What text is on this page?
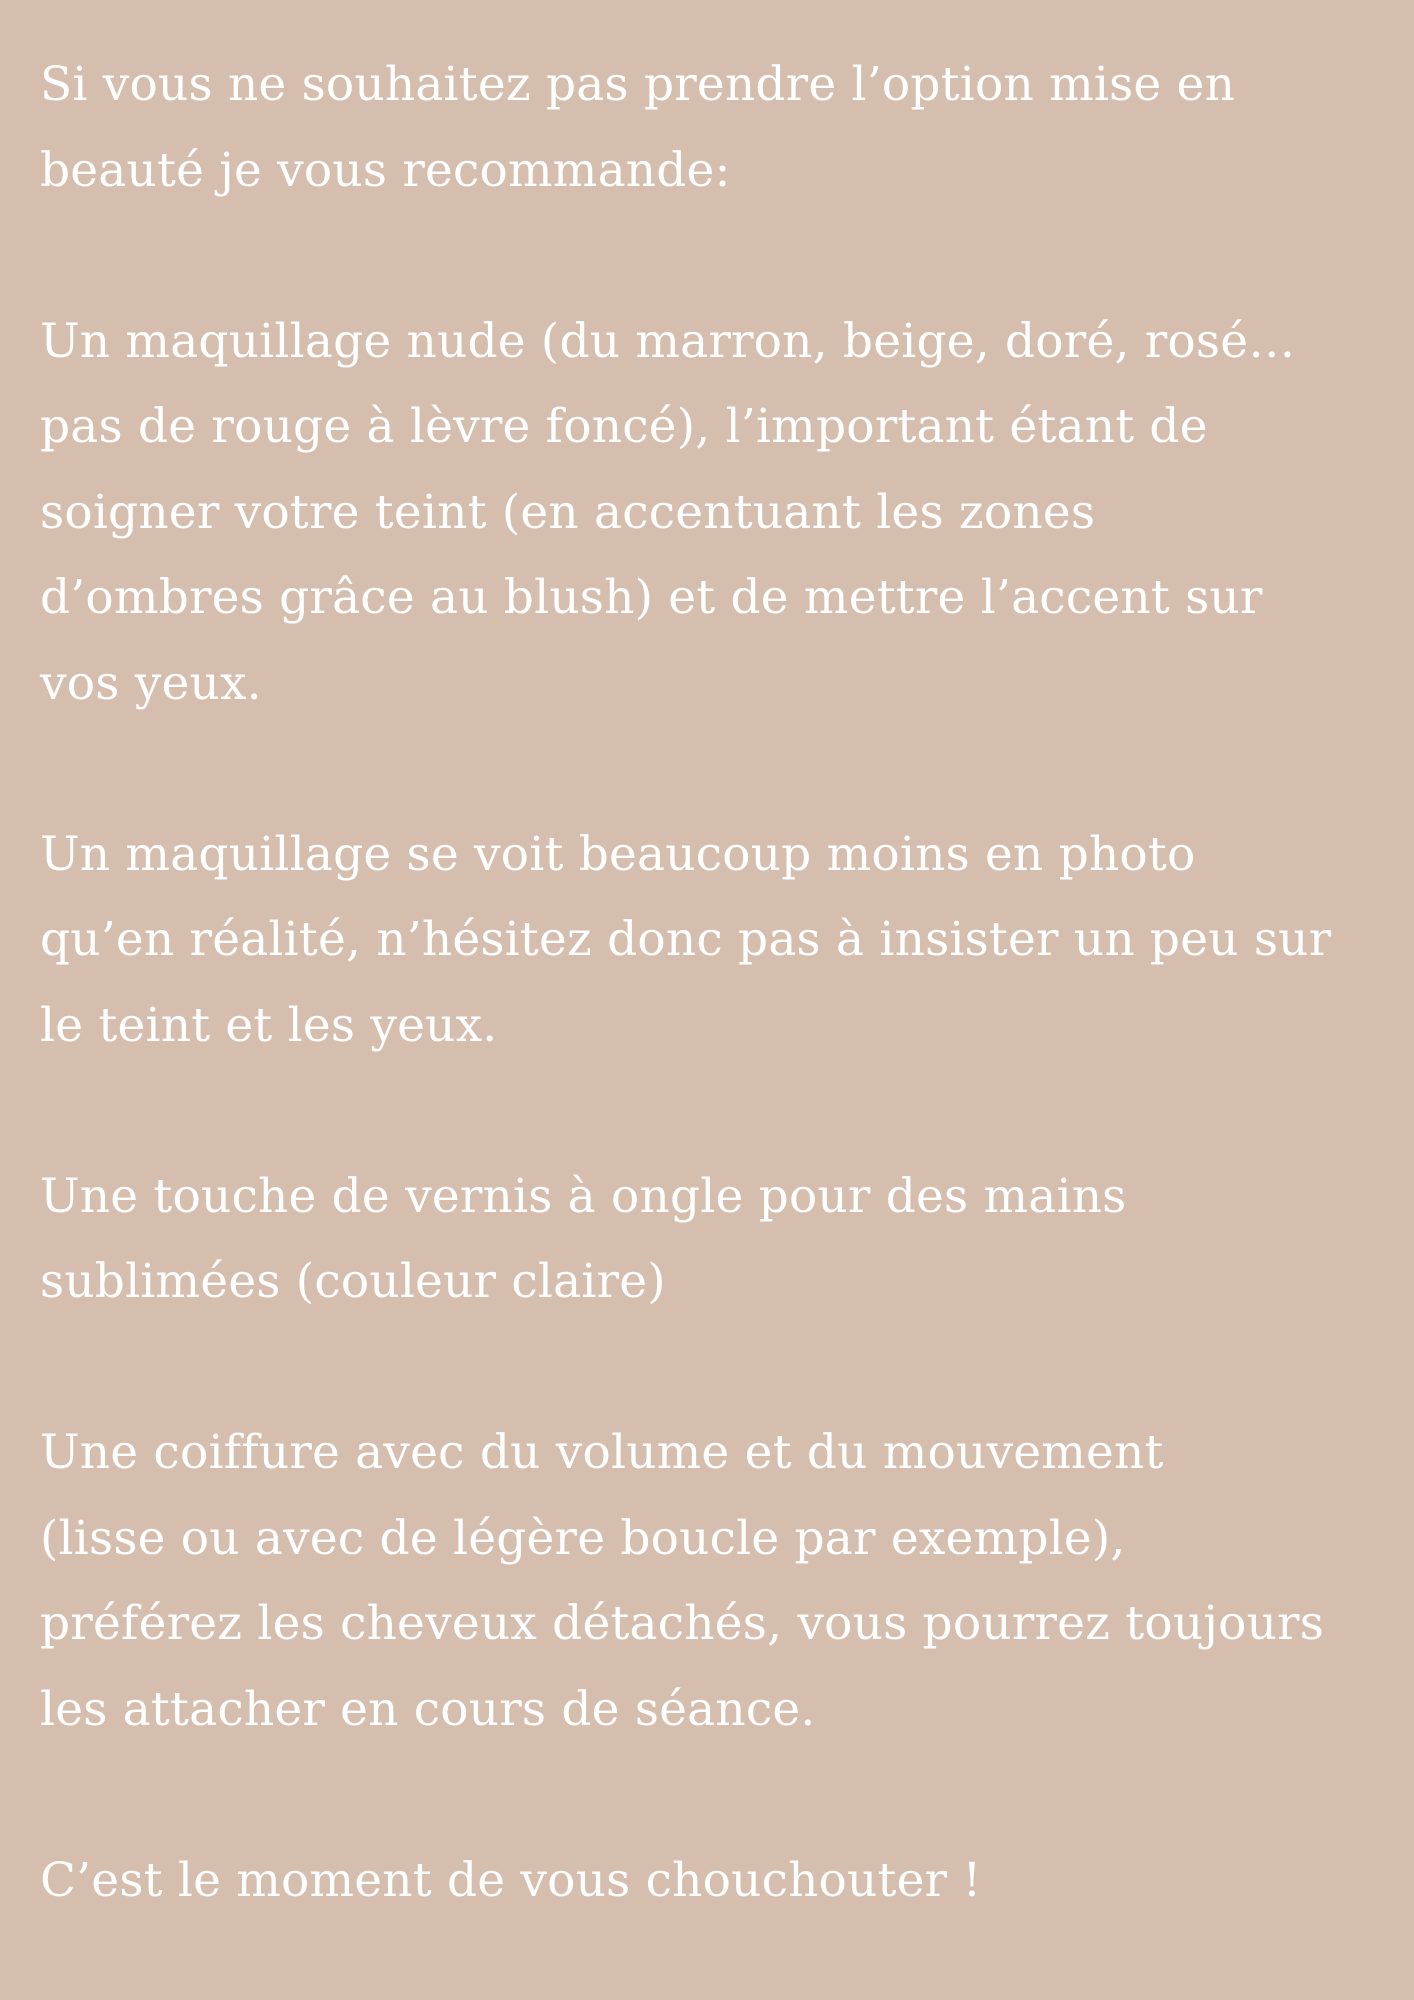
Si vous ne souhaitez pas prendre l’option mise en
beauté je vous recommande:

Un maquillage nude (du marron, beige, doré, rosé…
pas de rouge à lèvre foncé), l’important étant de
soigner votre teint (en accentuant les zones
d’ombres grâce au blush) et de mettre l’accent sur
vos yeux.

Un maquillage se voit beaucoup moins en photo
qu’en réalité, n’hésitez donc pas à insister un peu sur
le teint et les yeux.

Une touche de vernis à ongle pour des mains
sublimées (couleur claire)

Une coiffure avec du volume et du mouvement
(lisse ou avec de légère boucle par exemple),
préférez les cheveux détachés, vous pourrez toujours
les attacher en cours de séance.

C’est le moment de vous chouchouter !
